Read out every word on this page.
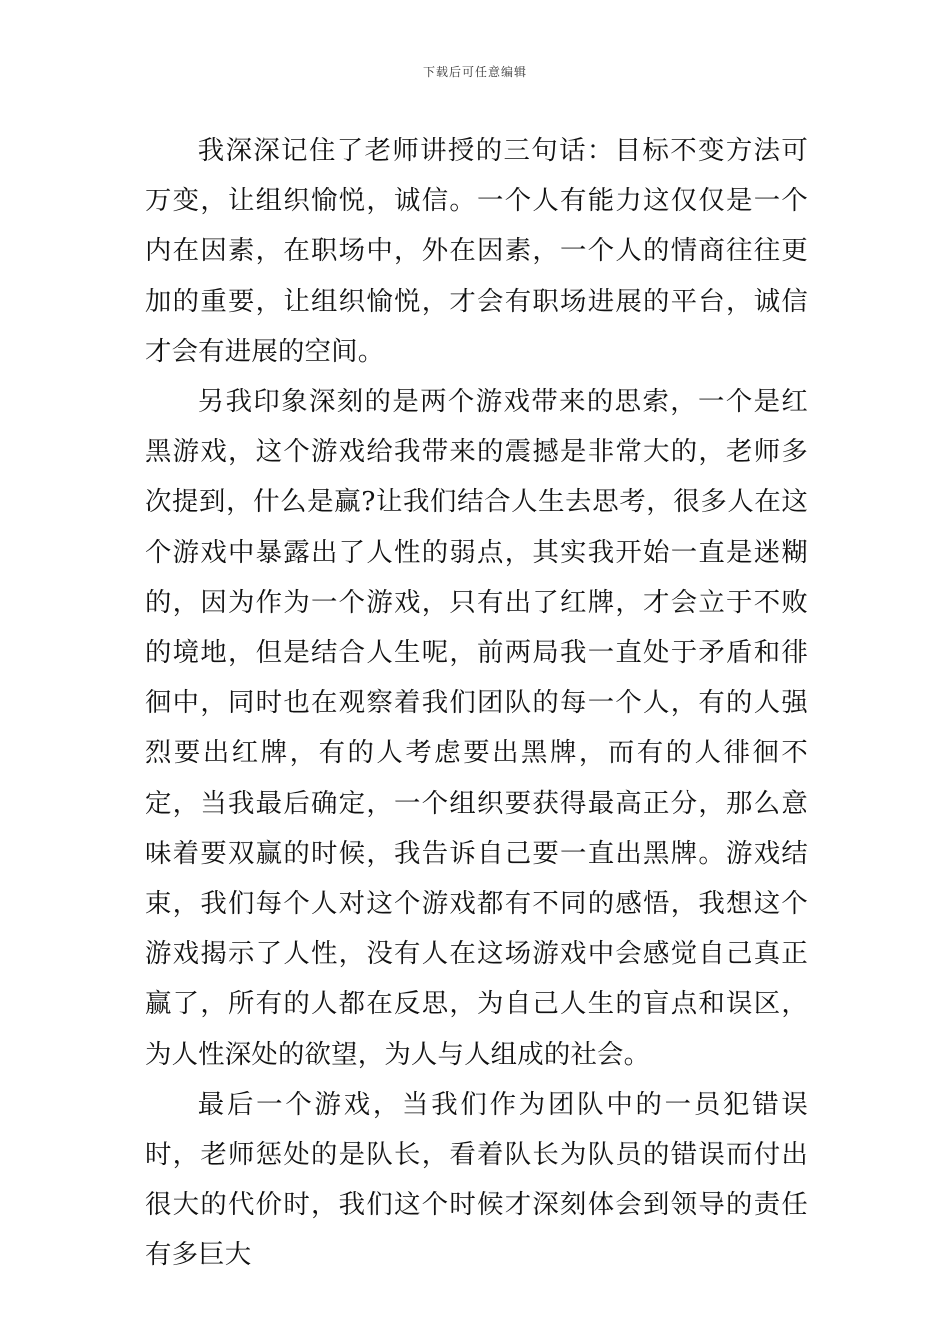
下载后可任意编辑

我深深记住了老师讲授的三句话：目标不变方法可万变，让组织愉悦，诚信。一个人有能力这仅仅是一个内在因素，在职场中，外在因素，一个人的情商往往更加的重要，让组织愉悦，才会有职场进展的平台，诚信才会有进展的空间。

另我印象深刻的是两个游戏带来的思索，一个是红黑游戏，这个游戏给我带来的震撼是非常大的，老师多次提到，什么是赢?让我们结合人生去思考，很多人在这个游戏中暴露出了人性的弱点，其实我开始一直是迷糊的，因为作为一个游戏，只有出了红牌，才会立于不败的境地，但是结合人生呢，前两局我一直处于矛盾和徘徊中，同时也在观察着我们团队的每一个人，有的人强烈要出红牌，有的人考虑要出黑牌，而有的人徘徊不定，当我最后确定，一个组织要获得最高正分，那么意味着要双赢的时候，我告诉自己要一直出黑牌。游戏结束，我们每个人对这个游戏都有不同的感悟，我想这个游戏揭示了人性，没有人在这场游戏中会感觉自己真正赢了，所有的人都在反思，为自己人生的盲点和误区，为人性深处的欲望，为人与人组成的社会。

最后一个游戏，当我们作为团队中的一员犯错误时，老师惩处的是队长，看着队长为队员的错误而付出很大的代价时，我们这个时候才深刻体会到领导的责任有多巨大
